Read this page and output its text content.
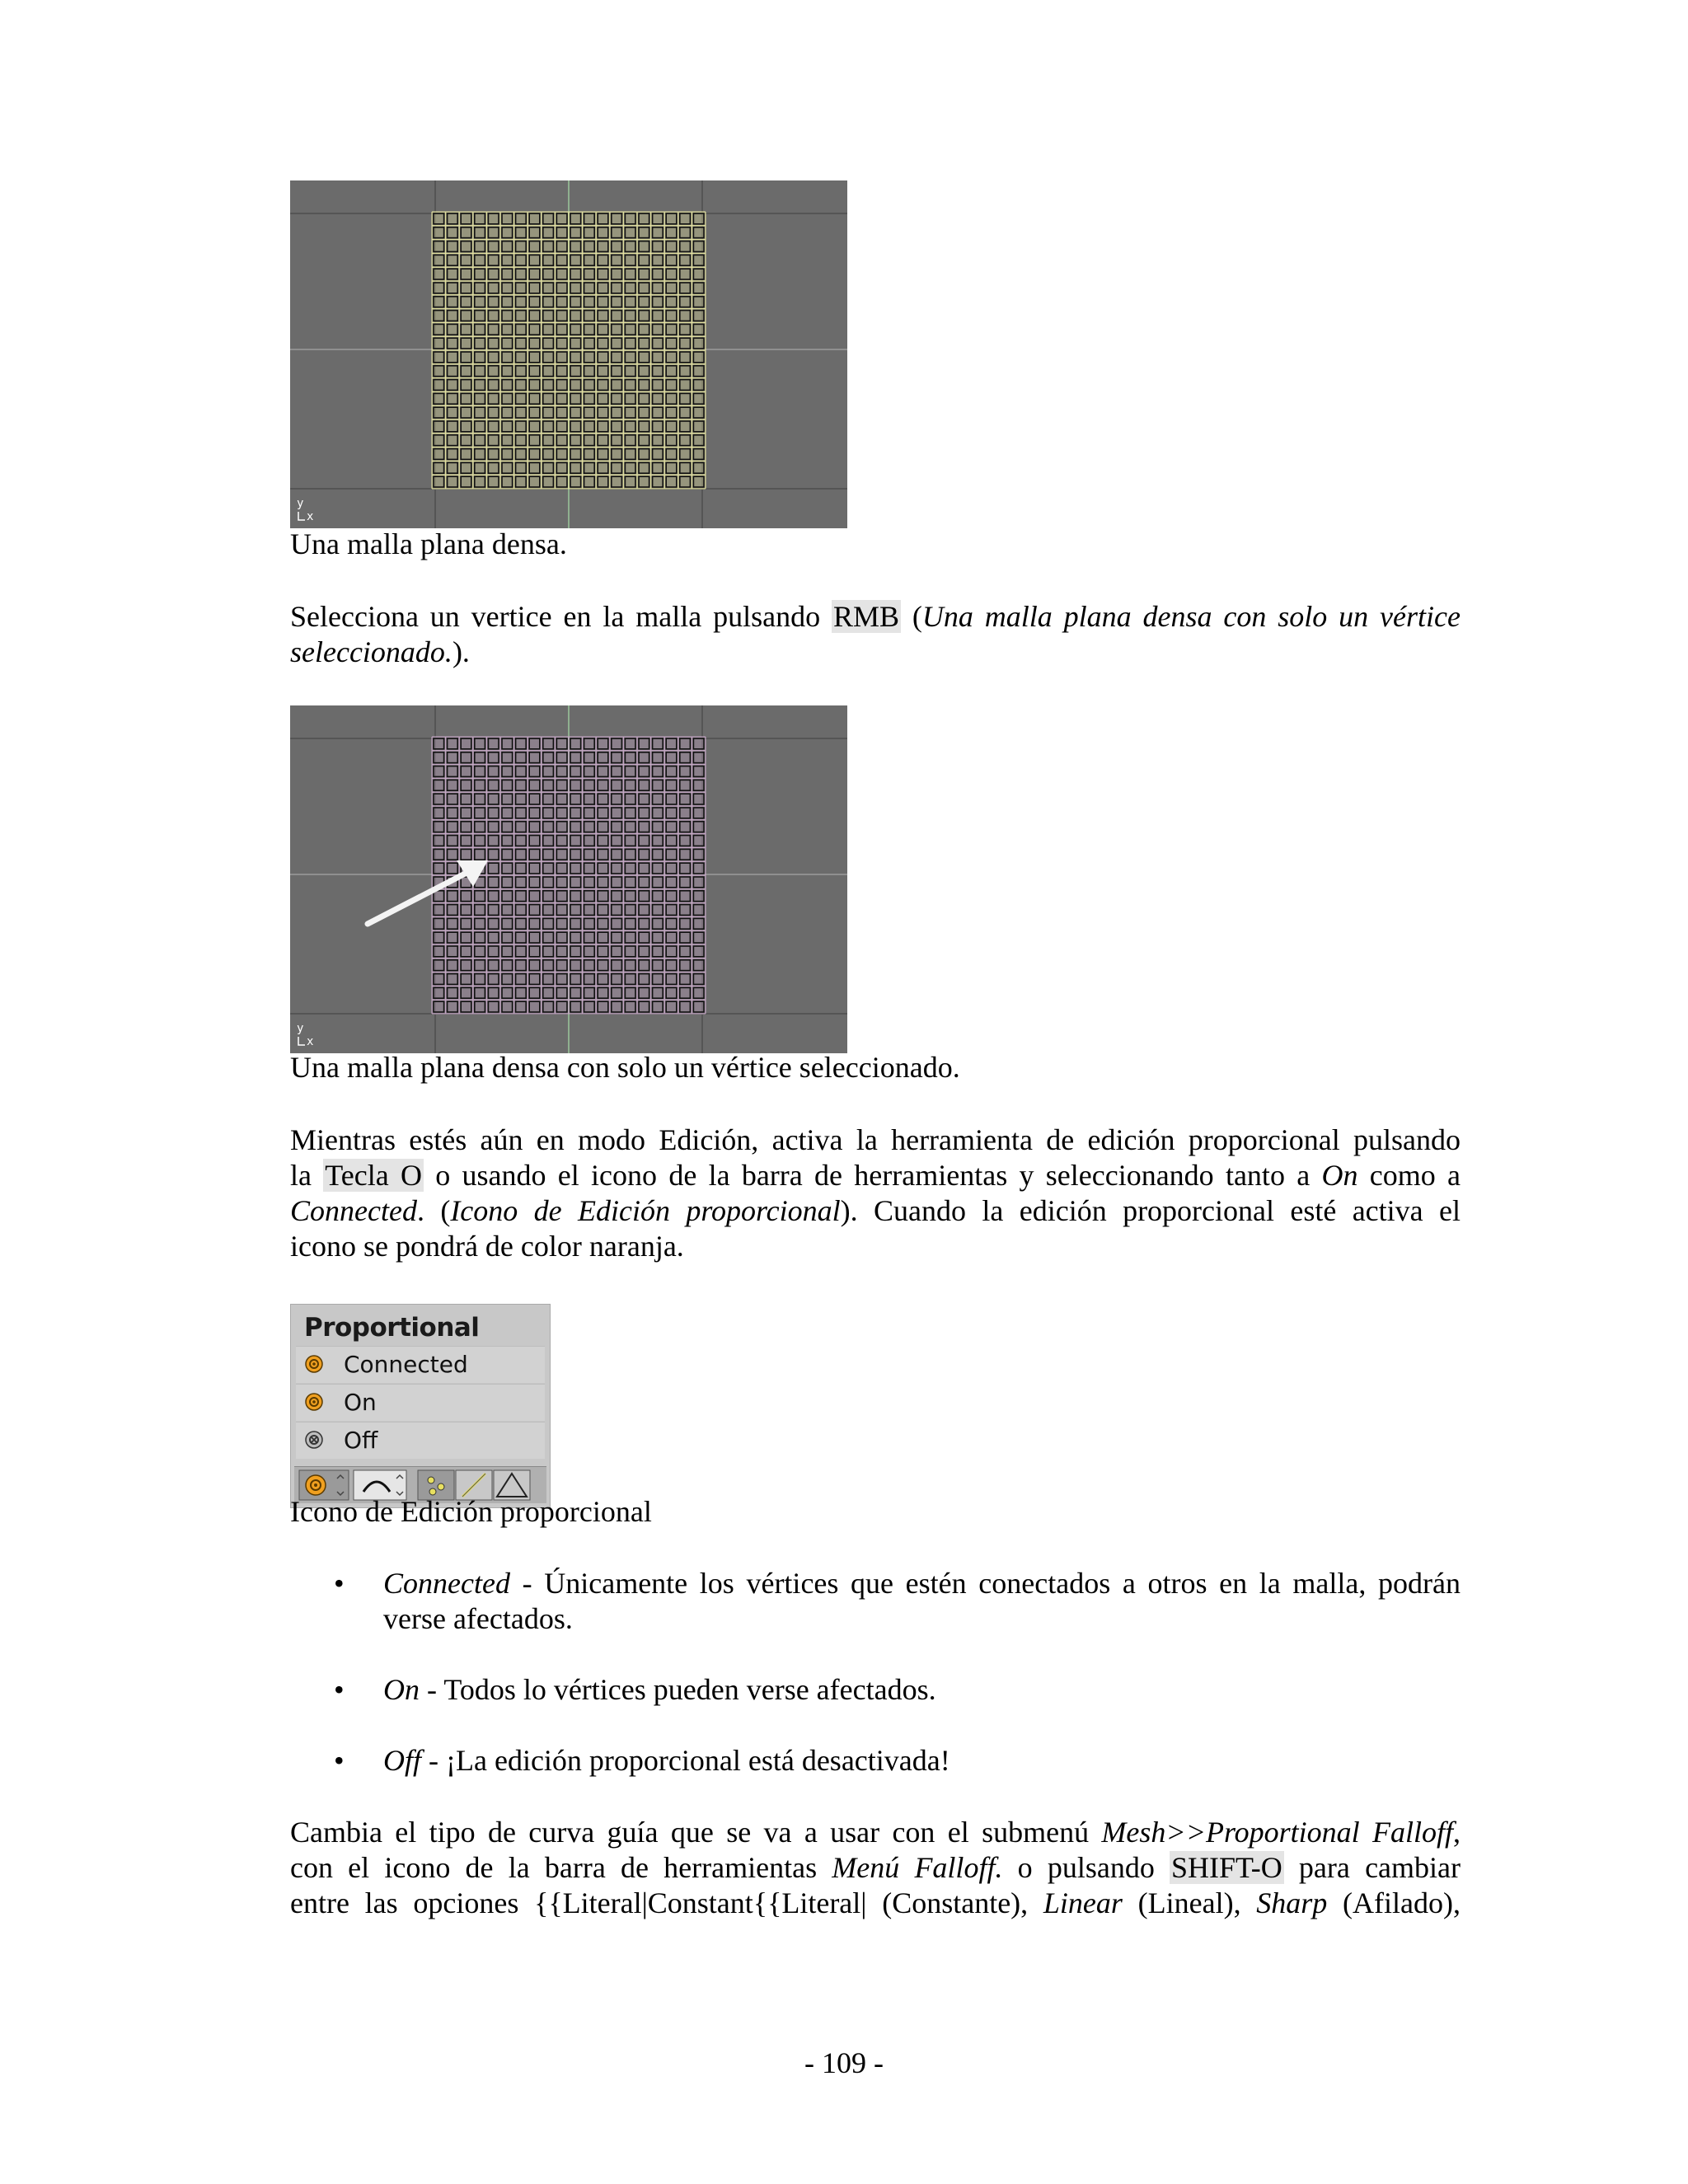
y
x
Una malla plana densa.
Selecciona un vertice en la malla pulsando RMB (Una malla plana densa con solo un vértice
seleccionado.).
y
x
Una malla plana densa con solo un vértice seleccionado.
Mientras estés aún en modo Edición, activa la herramienta de edición proporcional pulsando
la Tecla O o usando el icono de la barra de herramientas y seleccionando tanto a On como a
Connected. (Icono de Edición proporcional). Cuando la edición proporcional esté activa el
icono se pondrá de color naranja.
Proportional
Connected
On
Off
Icono de Edición proporcional
• Connected - Únicamente los vértices que estén conectados a otros en la malla, podrán
verse afectados.
• On - Todos lo vértices pueden verse afectados.
• Off - ¡La edición proporcional está desactivada!
Cambia el tipo de curva guía que se va a usar con el submenú Mesh>>Proportional Falloff,
con el icono de la barra de herramientas Menú Falloff. o pulsando SHIFT-O para cambiar
entre las opciones {{Literal|Constant{{Literal| (Constante), Linear (Lineal), Sharp (Afilado),
- 109 -
